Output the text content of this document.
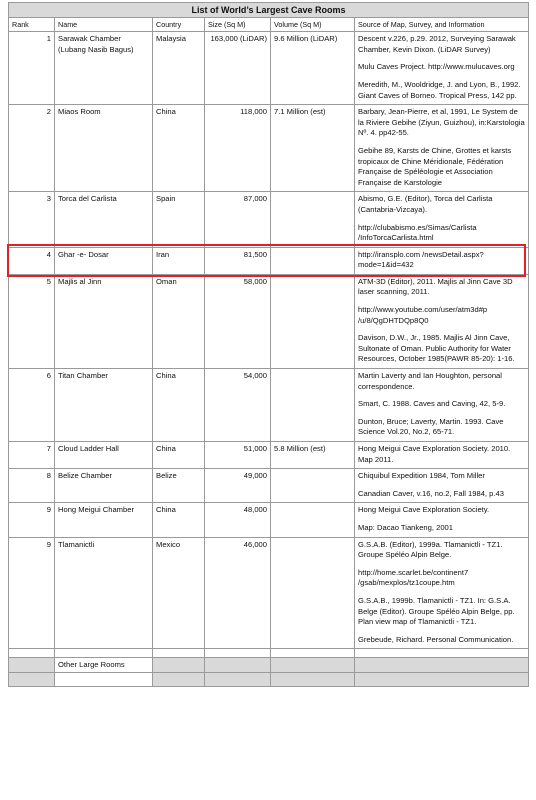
List of World’s Largest Cave Rooms					
Rank	Name	Country	Size (Sq M)	Volume (Sq M)	Source of Map, Survey, and Information
1	Sarawak Chamber (Lubang Nasib Bagus)	Malaysia	163,000 (LiDAR)	9.6 Million (LiDAR)	Descent v.226, p.29. 2012, Surveying Sarawak Chamber, Kevin Dixon. (LiDAR Survey)

Mulu Caves Project. http://www.mulucaves.org

Meredith, M., Wooldridge, J. and Lyon, B., 1992. Giant Caves of Borneo. Tropical Press, 142 pp.

2	Miaos Room	China	118,000	7.1 Million (est)	Barbary, Jean-Pierre, et al, 1991, Le System de la Riviere Gebihe (Ziyun, Guizhou), in:Karstologia Nº. 4. pp42-55.

Gebihe 89, Karsts de Chine, Grottes et karsts tropicaux de Chine Méridionale, Fédération Française de Spéléologie et Association Française de Karstologie

3	Torca del Carlista	Spain	87,000		Abismo, G.E. (Editor), Torca del Carlista (Cantabria-Vizcaya).

http://clubabismo.es/Simas/Carlista /InfoTorcaCarlista.html

4	Ghar -e- Dosar	Iran	81,500		http://iransplo.com /newsDetail.aspx?mode=1&id=432

5	Majlis al Jinn	Oman	58,000		ATM-3D (Editor), 2011. Majlis al Jinn Cave 3D laser scanning, 2011.

http://www.youtube.com/user/atm3d#p /u/8/QgDHTDQp8Q0

Davison, D.W., Jr., 1985. Majlis Al Jinn Cave, Sultonate of Oman. Public Authority for Water Resources, October 1985(PAWR 85-20): 1-16.

6	Titan Chamber	China	54,000		Martin Laverty and Ian Houghton, personal correspondence.

Smart, C. 1988. Caves and Caving, 42, 5-9.

Dunton, Bruce; Laverty, Martin. 1993. Cave Science Vol.20, No.2, 65-71.

7	Cloud Ladder Hall	China	51,000	5.8 Million (est)	Hong Meigui Cave Exploration Society. 2010. Map 2011.

8	Belize Chamber	Belize	49,000		Chiquibul Expedition 1984, Tom Miller

Canadian Caver, v.16, no.2, Fall 1984, p.43

9	Hong Meigui Chamber	China	48,000		Hong Meigui Cave Exploration Society.

Map: Dacao Tiankeng, 2001

9	Tlamanictli	Mexico	46,000		G.S.A.B. (Editor), 1999a. Tlamanictli - TZ1. Groupe Spéléo Alpin Belge.

http://home.scarlet.be/continent7 /gsab/mexplos/tz1coupe.htm

G.S.A.B., 1999b. Tlamanictli - TZ1. In: G.S.A. Belge (Editor). Groupe Spéléo Alpin Belge, pp. Plan view map of Tlamanictli - TZ1.

Grebeude, Richard. Personal Communication.

	Other Large Rooms				
